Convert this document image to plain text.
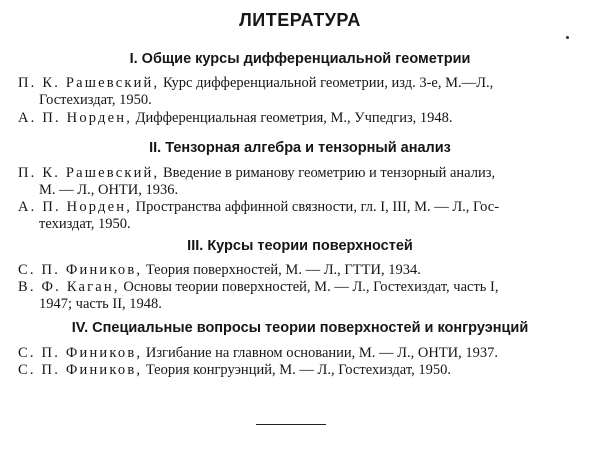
ЛИТЕРАТУРА
I. Общие курсы дифференциальной геометрии
П. К. Рашевский, Курс дифференциальной геометрии, изд. 3-е, М.—Л.,
Гостехиздат, 1950.
А. П. Норден, Дифференциальная геометрия, М., Учпедгиз, 1948.
II. Тензорная алгебра и тензорный анализ
П. К. Рашевский, Введение в риманову геометрию и тензорный анализ,
М. — Л., ОНТИ, 1936.
А. П. Норден, Пространства аффинной связности, гл. I, III, М. — Л., Гос-
техиздат, 1950.
III. Курсы теории поверхностей
С. П. Фиников, Теория поверхностей, М. — Л., ГТТИ, 1934.
В. Ф. Каган, Основы теории поверхностей, М. — Л., Гостехиздат, часть I,
1947; часть II, 1948.
IV. Специальные вопросы теории поверхностей и конгруэнций
С. П. Фиников, Изгибание на главном основании, М. — Л., ОНТИ, 1937.
С. П. Фиников, Теория конгруэнций, М. — Л., Гостехиздат, 1950.
